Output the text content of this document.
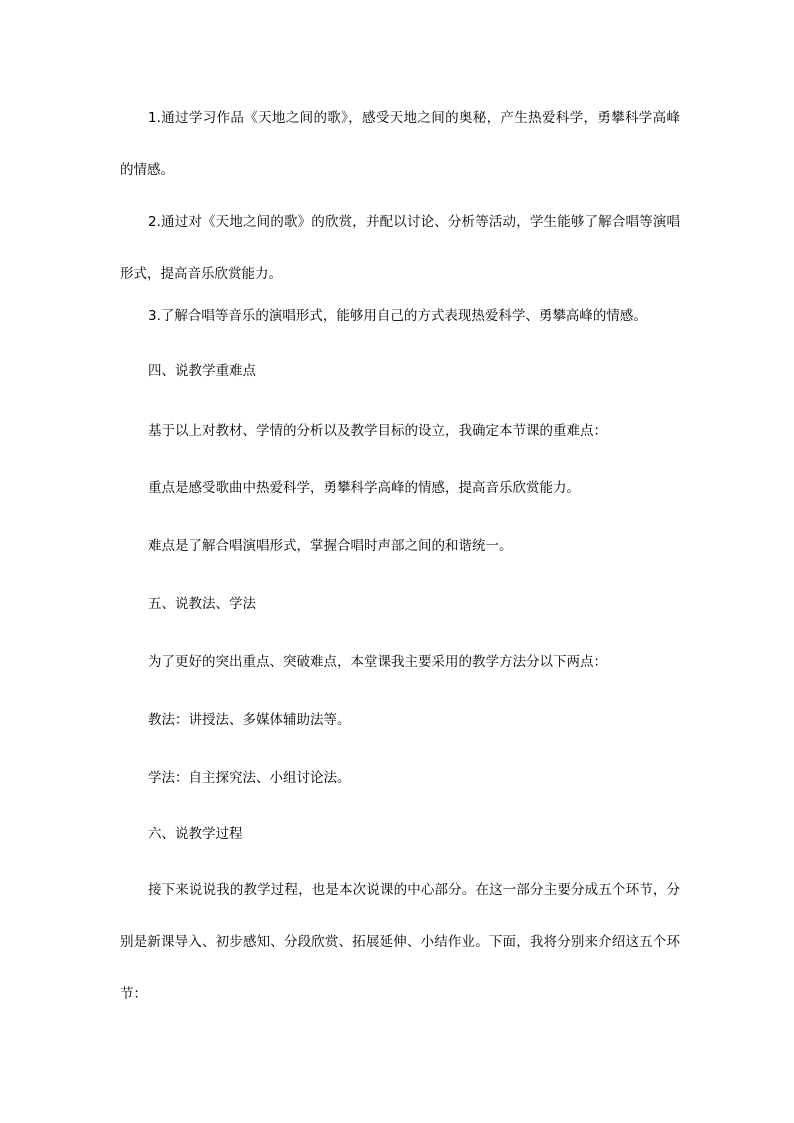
1.通过学习作品《天地之间的歌》，感受天地之间的奥秘，产生热爱科学，勇攀科学高峰的情感。

2.通过对《天地之间的歌》的欣赏，并配以讨论、分析等活动，学生能够了解合唱等演唱形式，提高音乐欣赏能力。

3.了解合唱等音乐的演唱形式，能够用自己的方式表现热爱科学、勇攀高峰的情感。

四、说教学重难点

基于以上对教材、学情的分析以及教学目标的设立，我确定本节课的重难点：

重点是感受歌曲中热爱科学，勇攀科学高峰的情感，提高音乐欣赏能力。

难点是了解合唱演唱形式，掌握合唱时声部之间的和谐统一。

五、说教法、学法

为了更好的突出重点、突破难点，本堂课我主要采用的教学方法分以下两点：

教法：讲授法、多媒体辅助法等。

学法：自主探究法、小组讨论法。

六、说教学过程

接下来说说我的教学过程，也是本次说课的中心部分。在这一部分主要分成五个环节，分别是新课导入、初步感知、分段欣赏、拓展延伸、小结作业。下面，我将分别来介绍这五个环节：
